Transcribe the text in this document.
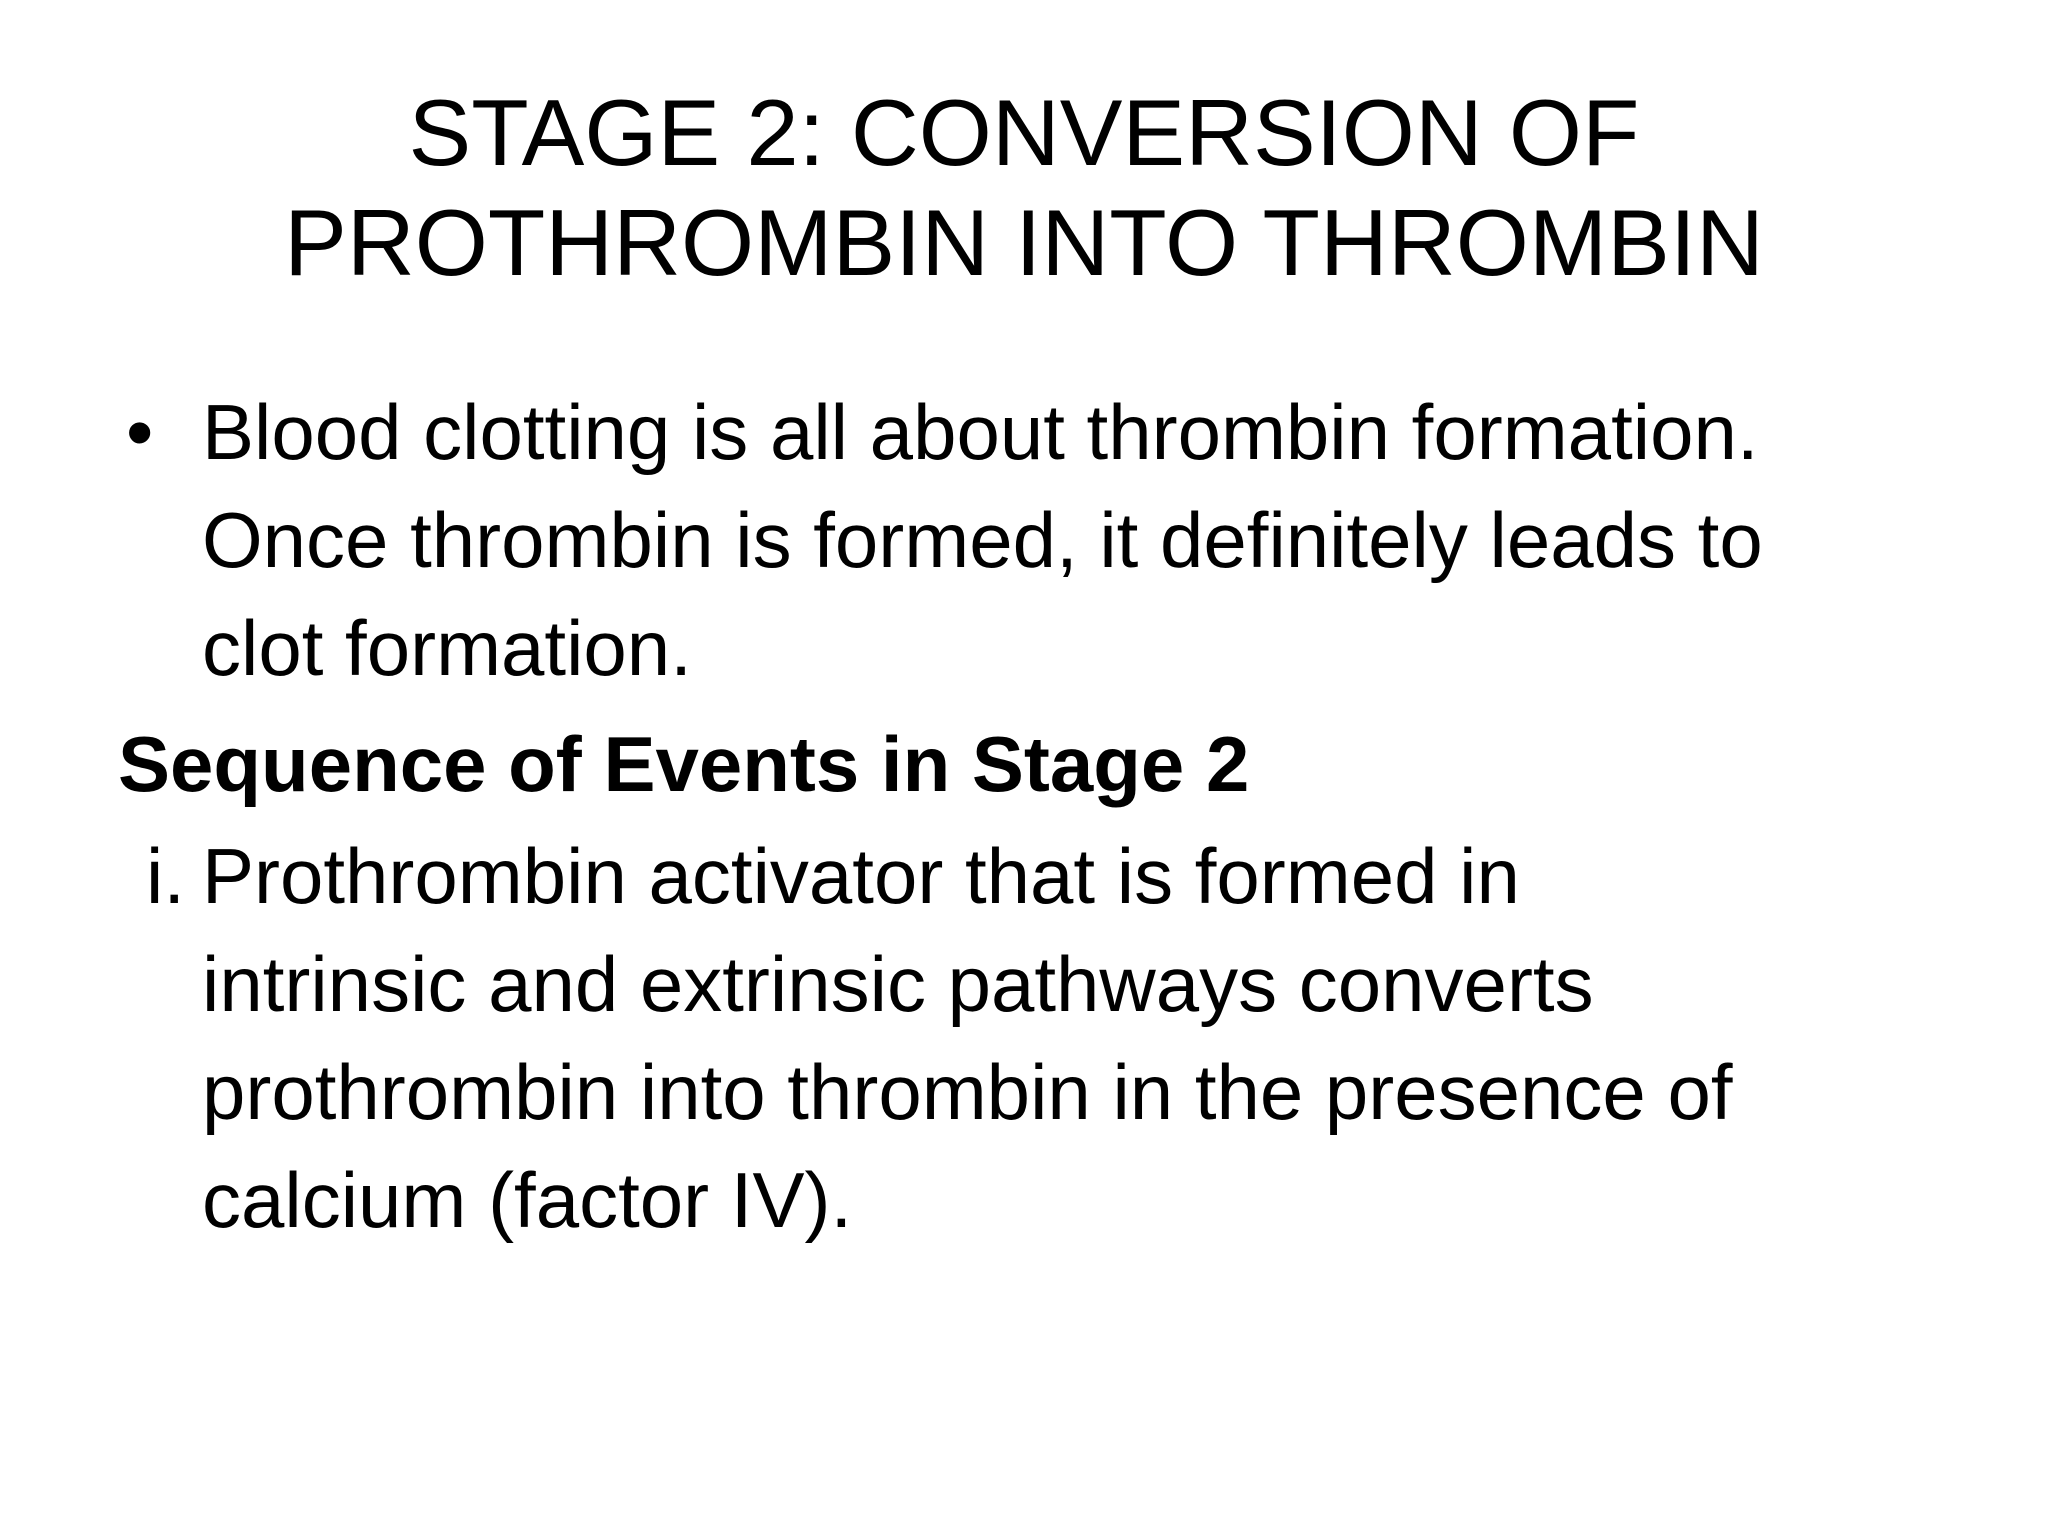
STAGE 2: CONVERSION OF
PROTHROMBIN INTO THROMBIN
• Blood clotting is all about thrombin formation.
Once thrombin is formed, it definitely leads to
clot formation.
Sequence of Events in Stage 2
i. Prothrombin activator that is formed in
intrinsic and extrinsic pathways converts
prothrombin into thrombin in the presence of
calcium (factor IV).
